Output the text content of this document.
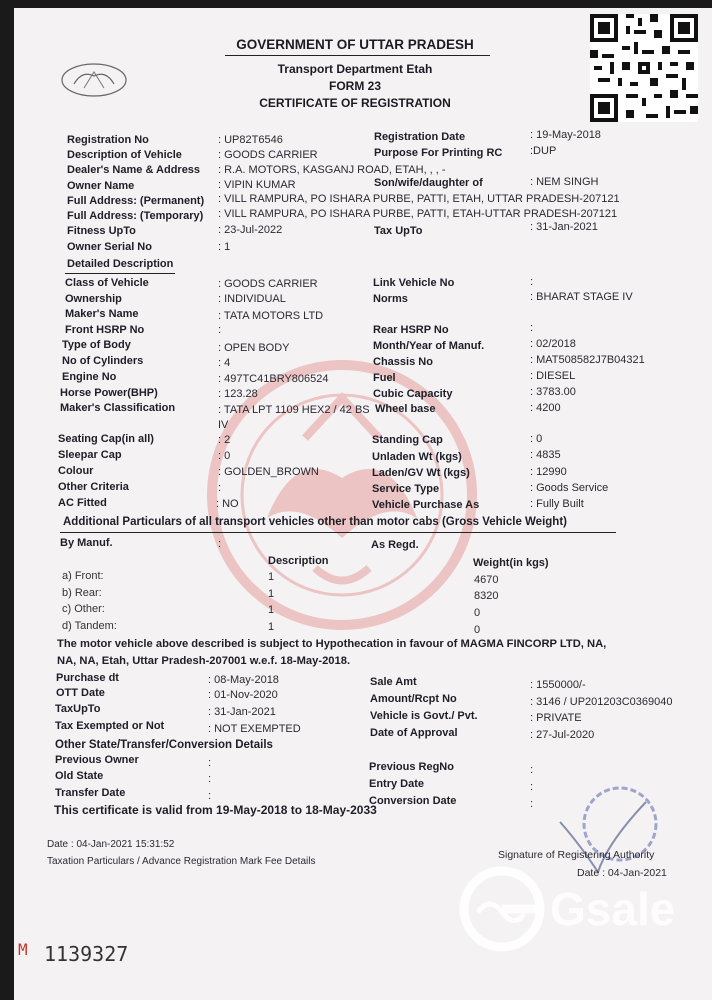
GOVERNMENT OF UTTAR PRADESH
Transport Department Etah
FORM 23
CERTIFICATE OF REGISTRATION
Registration No	: UP82T6546	Registration Date	: 19-May-2018
Description of Vehicle	: GOODS CARRIER	Purpose For Printing RC	:DUP
Dealer's Name & Address : R.A. MOTORS, KASGANJ ROAD, ETAH, , , -
Owner Name	: VIPIN KUMAR	Son/wife/daughter of	: NEM SINGH
Full Address: (Permanent) : VILL RAMPURA, PO ISHARA PURBE, PATTI, ETAH, UTTAR PRADESH-207121
Full Address: (Temporary) : VILL RAMPURA, PO ISHARA PURBE, PATTI, ETAH-UTTAR PRADESH-207121
Fitness UpTo	: 23-Jul-2022	Tax UpTo	: 31-Jan-2021
Owner Serial No	: 1
Detailed Description
Class of Vehicle	: GOODS CARRIER	Link Vehicle No	:
Ownership	: INDIVIDUAL	Norms	: BHARAT STAGE IV
Maker's Name	: TATA MOTORS LTD
Front HSRP No	:	Rear HSRP No	:
Type of Body	: OPEN BODY	Month/Year of Manuf.	: 02/2018
No of Cylinders	: 4	Chassis No	: MAT508582J7B04321
Engine No	: 497TC41BRY806524	Fuel	: DIESEL
Horse Power(BHP)	: 123.28	Cubic Capacity	: 3783.00
Maker's Classification	: TATA LPT 1109 HEX2 / 42 BS
IV
Wheel base	: 4200
Seating Cap(in all)	: 2	Standing Cap	: 0
Sleepar Cap	: 0	Unladen Wt (kgs)	: 4835
Colour	: GOLDEN_BROWN	Laden/GV Wt (kgs)	: 12990
Other Criteria	:	Service Type	: Goods Service
AC Fitted	: NO	Vehicle Purchase As	: Fully Built
Additional Particulars of all transport vehicles other than motor cabs (Gross Vehicle Weight)
By Manuf.	:	As Regd.
Description	Weight(in kgs)
a) Front:	1	4670
b) Rear:	1	8320
c) Other:	1	0
d) Tandem:	1	0
The motor vehicle above described is subject to Hypothecation in favour of MAGMA FINCORP LTD, NA,
NA, NA, Etah, Uttar Pradesh-207001 w.e.f. 18-May-2018.
Purchase dt	: 08-May-2018	Sale Amt	: 1550000/-
OTT Date	: 01-Nov-2020	Amount/Rcpt No	: 3146 / UP201203C0369040
TaxUpTo	: 31-Jan-2021	Vehicle is Govt./ Pvt.	: PRIVATE
Tax Exempted or Not	: NOT EXEMPTED	Date of Approval	: 27-Jul-2020
Other State/Transfer/Conversion Details
Previous Owner	:	Previous RegNo	:
Old State	:	Entry Date	:
Transfer Date	:	Conversion Date	:
This certificate is valid from 19-May-2018 to 18-May-2033
Date : 04-Jan-2021 15:31:52
Taxation Particulars / Advance Registration Mark Fee Details
Signature of Registering Authority
Date : 04-Jan-2021
M 1139327
Gsale
